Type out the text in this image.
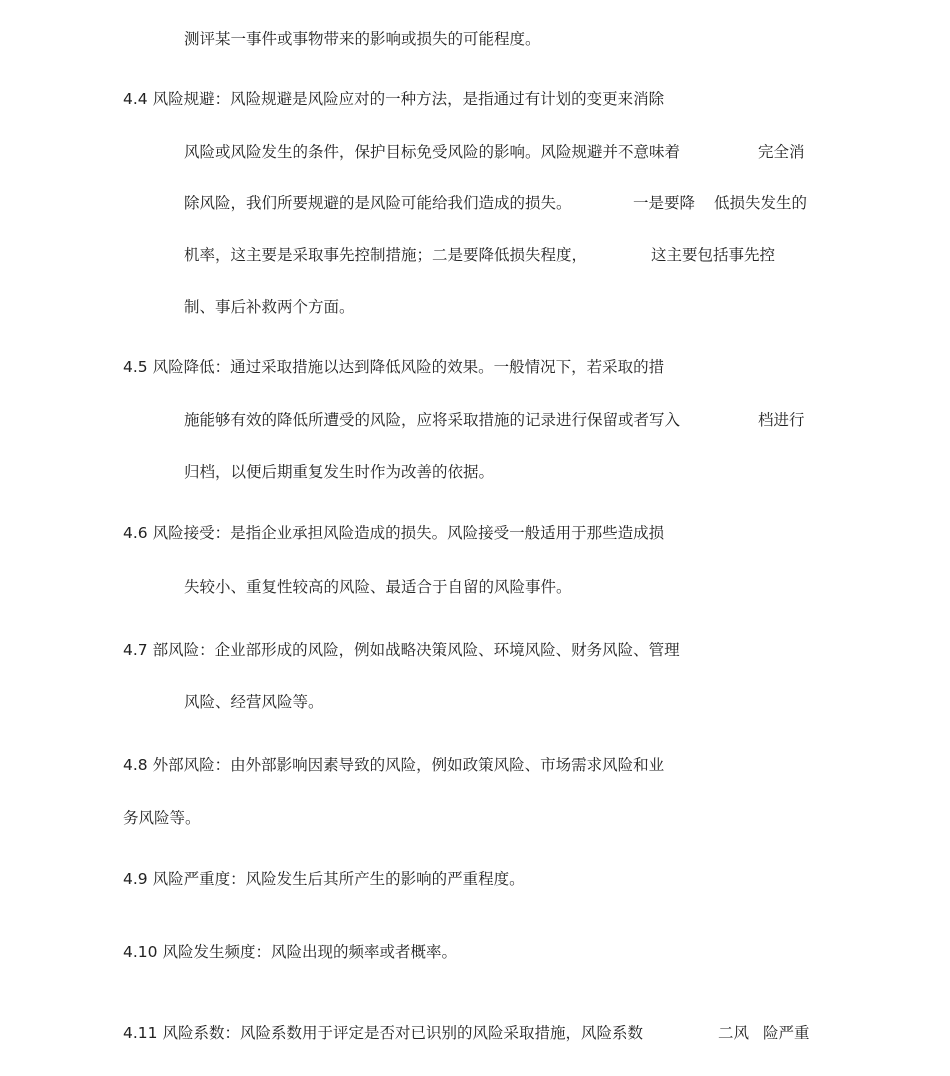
测评某一事件或事物带来的影响或损失的可能程度。
4.4 风险规避：风险规避是风险应对的一种方法，是指通过有计划的变更来消除
风险或风险发生的条件，保护目标免受风险的影响。风险规避并不意味着	完全消
除风险，我们所要规避的是风险可能给我们造成的损失。	一是要降 低损失发生的
机率，这主要是采取事先控制措施；二是要降低损失程度，	这主要包括事先控
制、事后补救两个方面。
4.5 风险降低：通过采取措施以达到降低风险的效果。一般情况下，若采取的措
施能够有效的降低所遭受的风险，应将采取措施的记录进行保留或者写入	档进行
归档，以便后期重复发生时作为改善的依据。
4.6 风险接受：是指企业承担风险造成的损失。风险接受一般适用于那些造成损
失较小、重复性较高的风险、最适合于自留的风险事件。
4.7 部风险：企业部形成的风险，例如战略决策风险、环境风险、财务风险、管理
风险、经营风险等。
4.8 外部风险：由外部影响因素导致的风险，例如政策风险、市场需求风险和业
务风险等。
4.9 风险严重度：风险发生后其所产生的影响的严重程度。
4.10 风险发生频度：风险出现的频率或者概率。
4.11 风险系数：风险系数用于评定是否对已识别的风险采取措施，风险系数	二风 险严重
